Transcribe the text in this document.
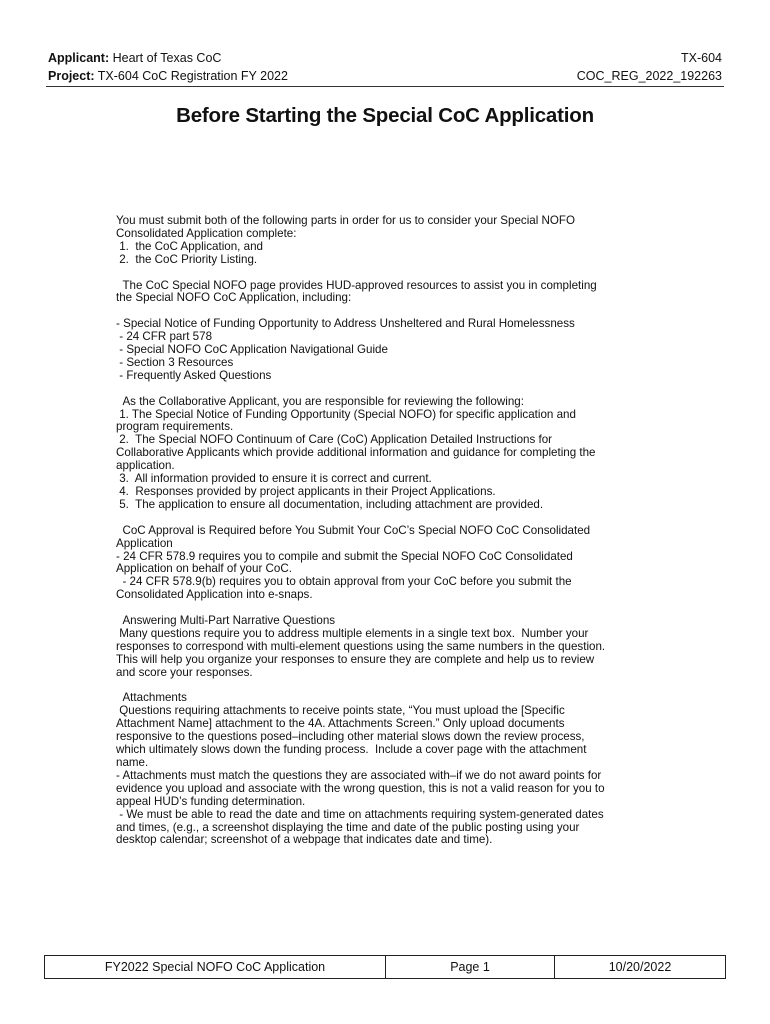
Applicant: Heart of Texas CoC	TX-604
Project: TX-604 CoC Registration FY 2022	COC_REG_2022_192263
Before Starting the Special CoC Application

You must submit both of the following parts in order for us to consider your Special NOFO

Consolidated Application complete:

1.  the CoC Application, and

2.  the CoC Priority Listing.

The CoC Special NOFO page provides HUD-approved resources to assist you in completing

the Special NOFO CoC Application, including:

- Special Notice of Funding Opportunity to Address Unsheltered and Rural Homelessness

- 24 CFR part 578

- Special NOFO CoC Application Navigational Guide

- Section 3 Resources

- Frequently Asked Questions

As the Collaborative Applicant, you are responsible for reviewing the following:

1. The Special Notice of Funding Opportunity (Special NOFO) for specific application and

program requirements.

2.  The Special NOFO Continuum of Care (CoC) Application Detailed Instructions for

Collaborative Applicants which provide additional information and guidance for completing the

application.

3.  All information provided to ensure it is correct and current.

4.  Responses provided by project applicants in their Project Applications.

5.  The application to ensure all documentation, including attachment are provided.

CoC Approval is Required before You Submit Your CoC’s Special NOFO CoC Consolidated

Application

- 24 CFR 578.9 requires you to compile and submit the Special NOFO CoC Consolidated

Application on behalf of your CoC.

- 24 CFR 578.9(b) requires you to obtain approval from your CoC before you submit the

Consolidated Application into e-snaps.

Answering Multi-Part Narrative Questions

Many questions require you to address multiple elements in a single text box.  Number your

responses to correspond with multi-element questions using the same numbers in the question.

This will help you organize your responses to ensure they are complete and help us to review

and score your responses.

Attachments

Questions requiring attachments to receive points state, “You must upload the [Specific

Attachment Name] attachment to the 4A. Attachments Screen.” Only upload documents

responsive to the questions posed–including other material slows down the review process,

which ultimately slows down the funding process.  Include a cover page with the attachment

name.

- Attachments must match the questions they are associated with–if we do not award points for

evidence you upload and associate with the wrong question, this is not a valid reason for you to

appeal HUD’s funding determination.

- We must be able to read the date and time on attachments requiring system-generated dates

and times, (e.g., a screenshot displaying the time and date of the public posting using your

desktop calendar; screenshot of a webpage that indicates date and time).

FY2022 Special NOFO CoC Application	Page 1	10/20/2022
